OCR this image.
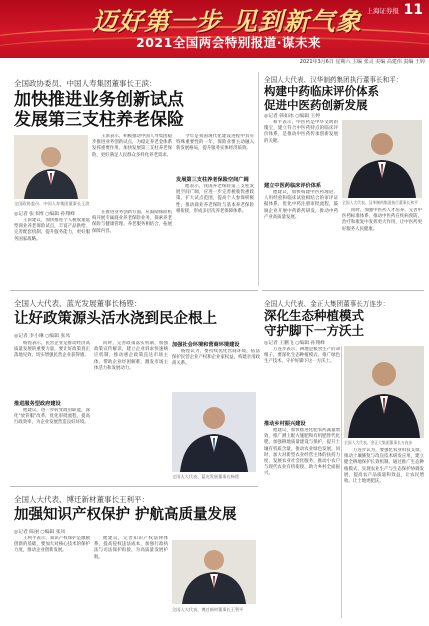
迈好第一步 见到新气象
2021全国两会特别报道·谋未来
上海证券报 11
2021年3月6日 星期六 主编 张灵 美编 高建伟 责编 王婷
全国政协委员、中国人寿集团董事长王滨：
加快推进业务创新试点
发展第三支柱养老保险
全国政协委员、中国人寿集团董事长王滨
◎记者 张书博 ○编辑 孙翔峰
王滨表示，积极推动中国人寿集团稳步推进业务创新试点，为稳定养老金体系发挥重要作用，加快发展第三支柱养老保险，更好满足人民群众多样化养老需求。
今年是我国现代化建设进程中具有特殊重要性的一年，保险业要主动融入新发展格局，提升服务实体经济质效。
发展第三支柱养老保险空间广阔
他表示，我国养老保险第三支柱发展空间广阔，应进一步完善税收优惠政策，扩大试点范围，提高个人参保积极性，推动商业养老保险与基本养老保险相衔接，形成多层次养老保障体系。
王滨建议，加快推进个人税收递延型商业养老保险试点，丰富产品供给，完善配套机制，提升服务能力，更好服务国家战略。
在推进业务创新方面，应鼓励保险机构开展专属商业养老保险业务，探索养老保险与健康管理、养老服务相结合，拓展保障内容。
全国人大代表、蓝光发展董事长杨铿：
让好政策源头活水浇到民企根上
◎记者 李小琳 ○编辑 张凤
杨铿表示，民营企业是推动经济高质量发展的重要力量，要让好政策真正落地见效，切实增强民营企业获得感。
推进服务型政府建设
他建议，进一步转变政府职能，深化"放管服"改革，优化审批流程，提高行政效率，为企业发展营造良好环境。
同时，完善政策落实机制，加强政策宣传解读，建立企业诉求快速响应机制，推动惠企政策直达市场主体，帮助企业纾困解难，激发市场主体活力和发展动力。
加强社会环境和营商环境建设
杨铿认为，要持续优化营商环境，依法保护民营企业产权和企业家权益，构建亲清政商关系。
全国人大代表、蓝光发展董事长杨铿
全国人大代表、博迁新材董事长王利平：
加强知识产权保护 护航高质量发展
◎记者 陈丽 ○编辑 张凤
王利平表示，知识产权保护是激励创新的基础，要加大对核心技术的保护力度，推动企业创新发展。
他建议，完善知识产权法律体系，提高侵权违法成本，加强行政执法与司法保护衔接，为高质量发展护航。
全国人大代表、博迁新材董事长王利平
全国人大代表、汉华制药集团执行董事长和平：
构建中药临床评价体系
促进中医药创新发展
全国人大代表、汉华制药集团执行董事长和平
◎记者 韩如冰 ○编辑 王婷
和平表示，中医药是中华文明的瑰宝，建立符合中医药特点的临床评价体系，是推动中医药传承创新发展的关键。
建立中医药临床评价体系
他建议，加快构建中医药理论、人用经验和临床试验相结合的审评证据体系，优化中药注册审批流程，鼓励企业开展中药新药研发，推动中药产业高质量发展。
同时，加强中医药人才培养，完善中医药标准体系，推动中医药在疾病预防、治疗和康复中发挥更大作用，让中医药更好服务人民健康。
全国人大代表、金正大集团董事长万连步：
深化生态种植模式
守护脚下一方沃土
◎记者 王鹏飞 ○编辑 孙翔峰
万连步表示，耕地是粮食生产的命根子，要深化生态种植模式，推广绿色生产技术，守护好脚下这一方沃土。
推动乡村振兴建设
他建议，加快推进化肥农药减量增效，推广测土配方施肥和有机肥替代化肥，加强耕地质量建设与保护，提升土壤有机质含量，推动农业绿色发展。同时，加大对新型农业经营主体的扶持力度，发展农业社会化服务，推动小农户与现代农业有机衔接，助力乡村全面振兴。
全国人大代表、金正大集团董事长万连步
万连步认为，要强化农业科技支撑，推动土壤修复与改良技术研发应用，建立健全耕地保护长效机制。通过推广生态种植模式，实现农业生产与生态保护协调发展，提高农产品质量和效益，让农民增收、让土地更肥沃。
